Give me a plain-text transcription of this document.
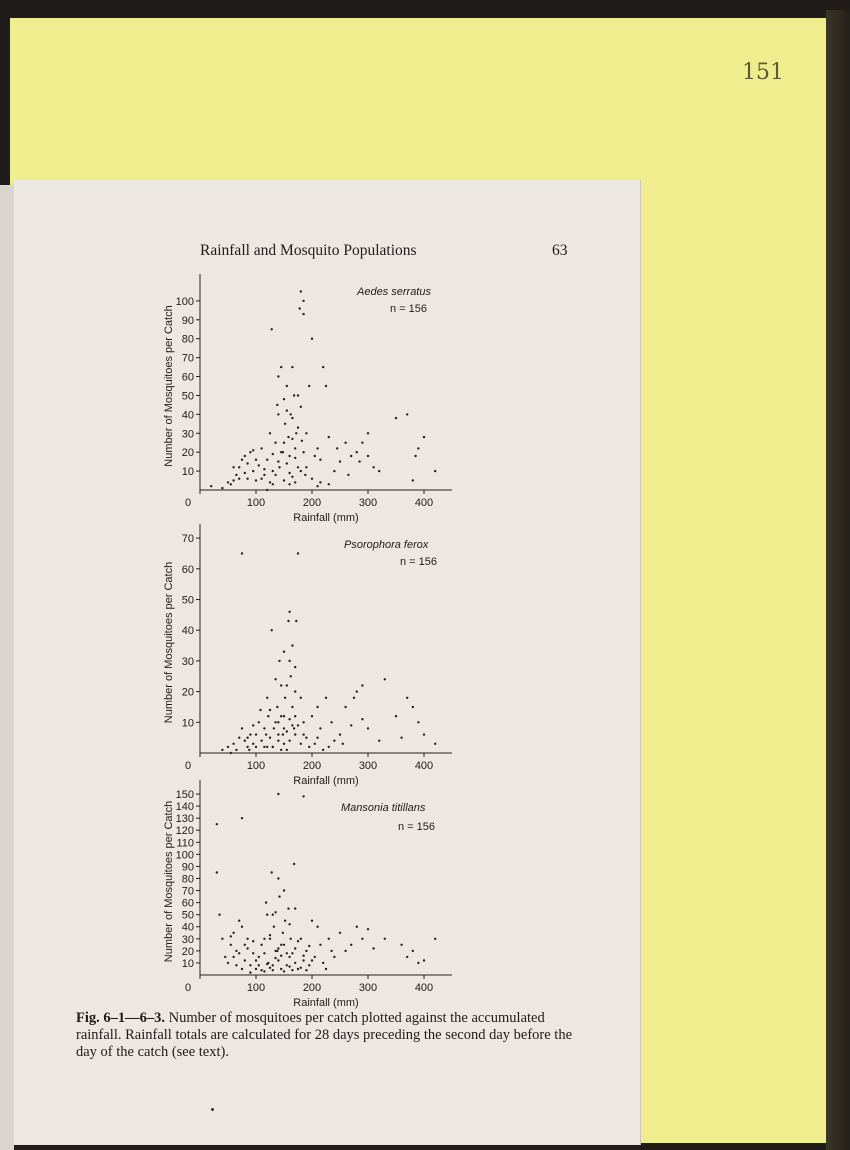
151
Rainfall and Mosquito Populations	63
10
20
30
40
50
60
70
80
90
100
0	100	200	300	400
Rainfall (mm)
Number of Mosquitoes per Catch
Aedes serratus
n = 156
10
20
30
40
50
60
70
0	100	200	300	400
Rainfall (mm)
Number of Mosquitoes per Catch
Psorophora ferox
n = 156
10
20
30
40
50
60
70
80
90
100
110
120
130
140
150
0	100	200	300	400
Rainfall (mm)
Number of Mosquitoes per Catch	Mansonia titillans
n = 156
Fig. 6–1—6–3. Number of mosquitoes per catch plotted against the accumulated rainfall. Rainfall totals are calculated for 28 days preceding the second day before the day of the catch (see text).
